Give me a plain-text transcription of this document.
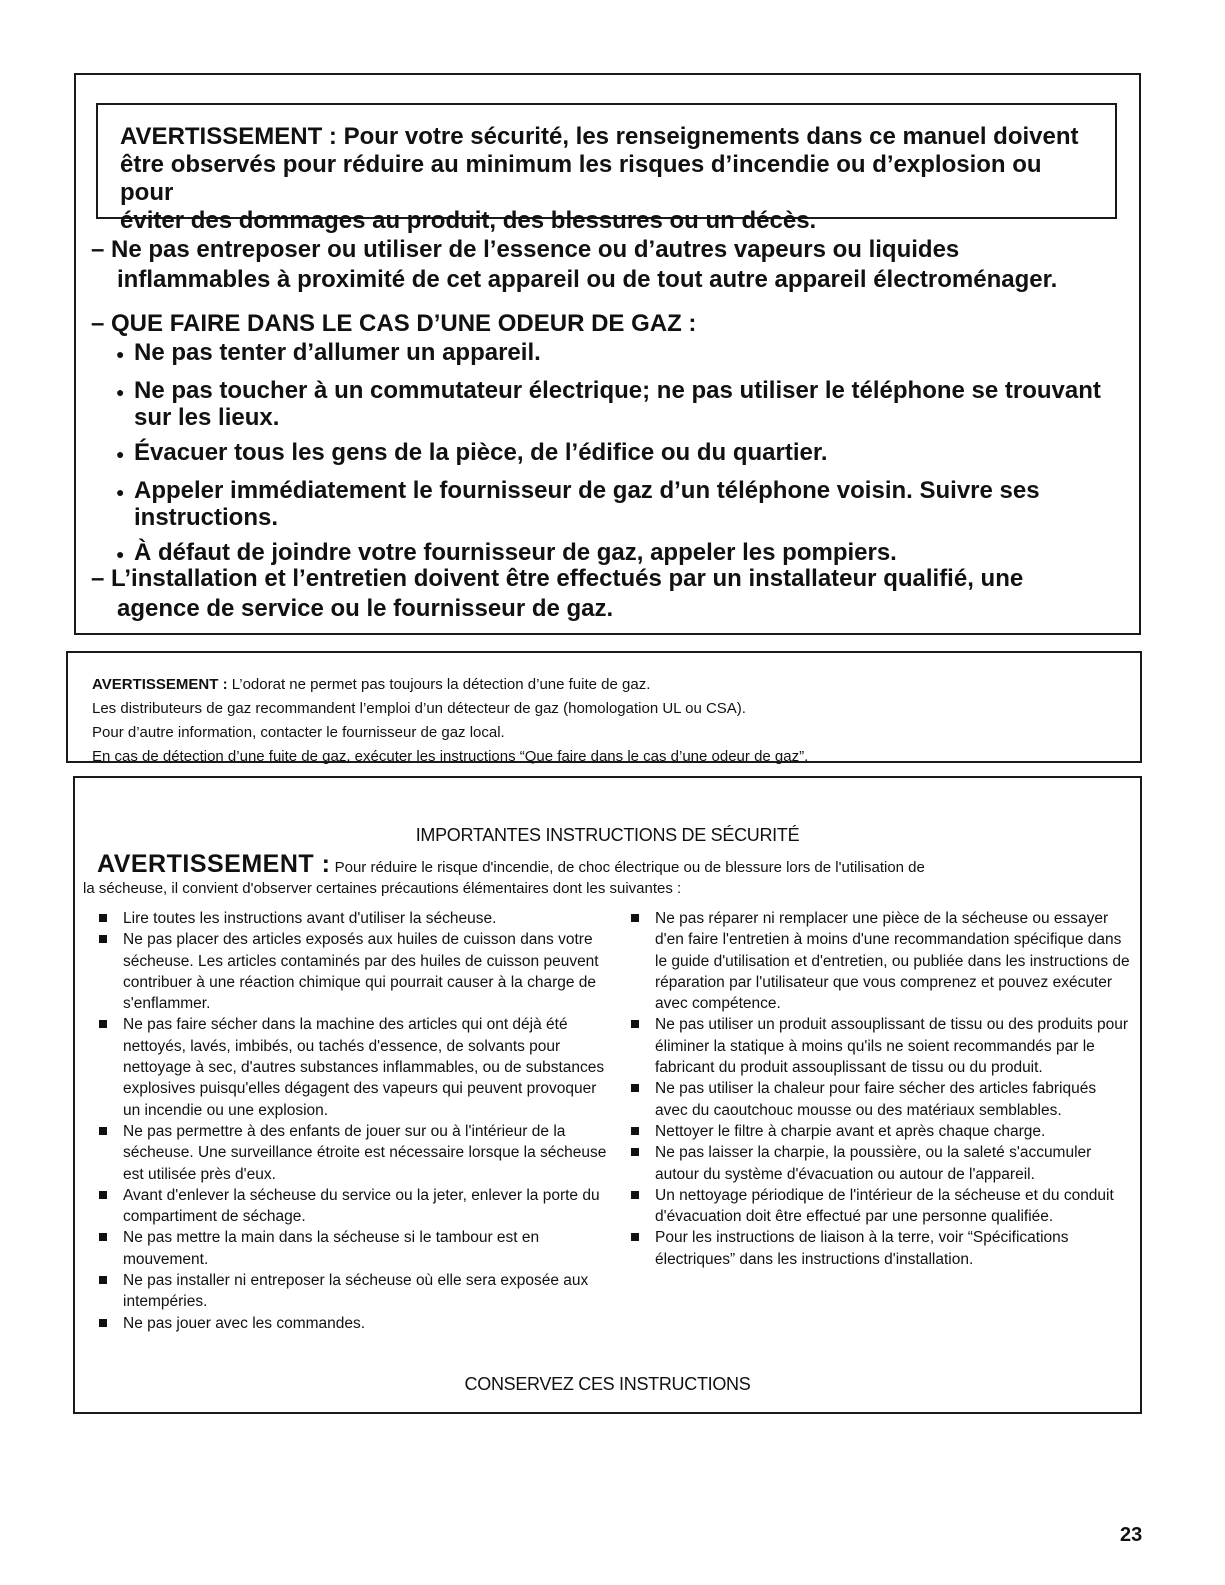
AVERTISSEMENT : Pour votre sécurité, les renseignements dans ce manuel doivent

être observés pour réduire au minimum les risques d’incendie ou d’explosion ou pour

éviter des dommages au produit, des blessures ou un décès.

– Ne pas entreposer ou utiliser de l’essence ou d’autres vapeurs ou liquides

inflammables à proximité de cet appareil ou de tout autre appareil électroménager.

– QUE FAIRE DANS LE CAS D’UNE ODEUR DE GAZ :

● Ne pas tenter d’allumer un appareil.
● Ne pas toucher à un commutateur électrique; ne pas utiliser le téléphone se trouvant sur les lieux.
● Évacuer tous les gens de la pièce, de l’édifice ou du quartier.
● Appeler immédiatement le fournisseur de gaz d’un téléphone voisin. Suivre ses instructions.
● À défaut de joindre votre fournisseur de gaz, appeler les pompiers.

– L’installation et l’entretien doivent être effectués par un installateur qualifié, une

agence de service ou le fournisseur de gaz.

AVERTISSEMENT : L’odorat ne permet pas toujours la détection d’une fuite de gaz.

Les distributeurs de gaz recommandent l’emploi d’un détecteur de gaz (homologation UL ou CSA).

Pour d’autre information, contacter le fournisseur de gaz local.

En cas de détection d’une fuite de gaz, exécuter les instructions “Que faire dans le cas d’une odeur de gaz”.

IMPORTANTES INSTRUCTIONS DE SÉCURITÉ
AVERTISSEMENT : Pour réduire le risque d'incendie, de choc électrique ou de blessure lors de l'utilisation de
la sécheuse, il convient d'observer certaines précautions élémentaires dont les suivantes :
Lire toutes les instructions avant d'utiliser la sécheuse.
Ne pas placer des articles exposés aux huiles de cuisson dans votre sécheuse. Les articles contaminés par des huiles de cuisson peuvent contribuer à une réaction chimique qui pourrait causer à la charge de s'enflammer.
Ne pas faire sécher dans la machine des articles qui ont déjà été nettoyés, lavés, imbibés, ou tachés d'essence, de solvants pour nettoyage à sec, d'autres substances inflammables, ou de substances explosives puisqu'elles dégagent des vapeurs qui peuvent provoquer un incendie ou une explosion.
Ne pas permettre à des enfants de jouer sur ou à l'intérieur de la sécheuse. Une surveillance étroite est nécessaire lorsque la sécheuse est utilisée près d'eux.
Avant d'enlever la sécheuse du service ou la jeter, enlever la porte du compartiment de séchage.
Ne pas mettre la main dans la sécheuse si le tambour est en mouvement.
Ne pas installer ni entreposer la sécheuse où elle sera exposée aux intempéries.
Ne pas jouer avec les commandes.
Ne pas réparer ni remplacer une pièce de la sécheuse ou essayer d'en faire l'entretien à moins d'une recommandation spécifique dans le guide d'utilisation et d'entretien, ou publiée dans les instructions de réparation par l'utilisateur que vous comprenez et pouvez exécuter avec compétence.
Ne pas utiliser un produit assouplissant de tissu ou des produits pour éliminer la statique à moins qu'ils ne soient recommandés par le fabricant du produit assouplissant de tissu ou du produit.
Ne pas utiliser la chaleur pour faire sécher des articles fabriqués avec du caoutchouc mousse ou des matériaux semblables.
Nettoyer le filtre à charpie avant et après chaque charge.
Ne pas laisser la charpie, la poussière, ou la saleté s'accumuler autour du système d'évacuation ou autour de l'appareil.
Un nettoyage périodique de l'intérieur de la sécheuse et du conduit d'évacuation doit être effectué par une personne qualifiée.
Pour les instructions de liaison à la terre, voir “Spécifications électriques” dans les instructions d'installation.
CONSERVEZ CES INSTRUCTIONS
23
